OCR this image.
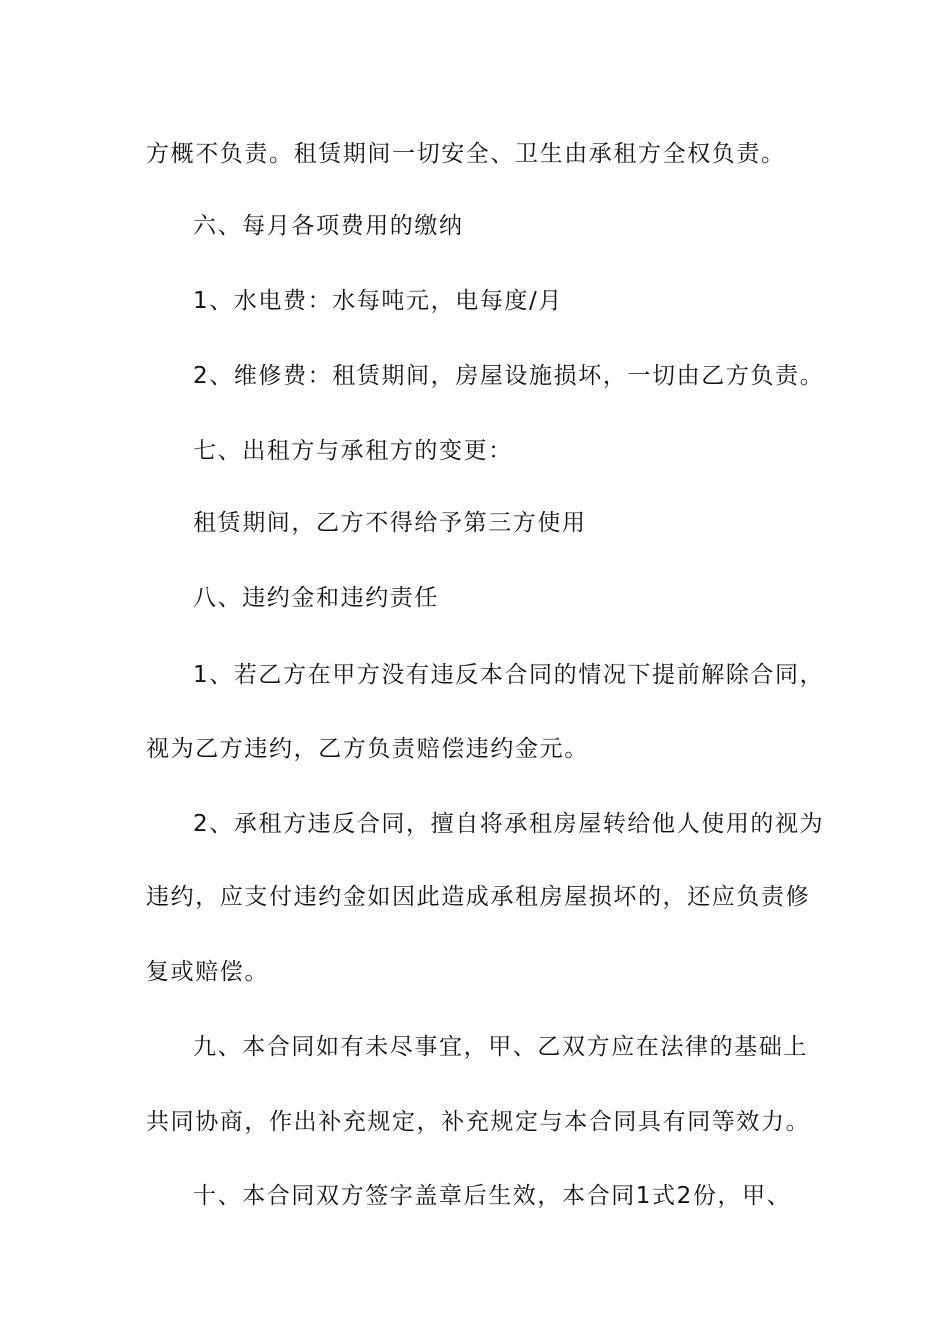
方概不负责。租赁期间一切安全、卫生由承租方全权负责。
六、每月各项费用的缴纳
1、水电费：水每吨元，电每度/月
2、维修费：租赁期间，房屋设施损坏，一切由乙方负责。
七、出租方与承租方的变更：
租赁期间，乙方不得给予第三方使用
八、违约金和违约责任
1、若乙方在甲方没有违反本合同的情况下提前解除合同，
视为乙方违约，乙方负责赔偿违约金元。
2、承租方违反合同，擅自将承租房屋转给他人使用的视为
违约，应支付违约金如因此造成承租房屋损坏的，还应负责修
复或赔偿。
九、本合同如有未尽事宜，甲、乙双方应在法律的基础上
共同协商，作出补充规定，补充规定与本合同具有同等效力。
十、本合同双方签字盖章后生效，本合同1式2份，甲、
